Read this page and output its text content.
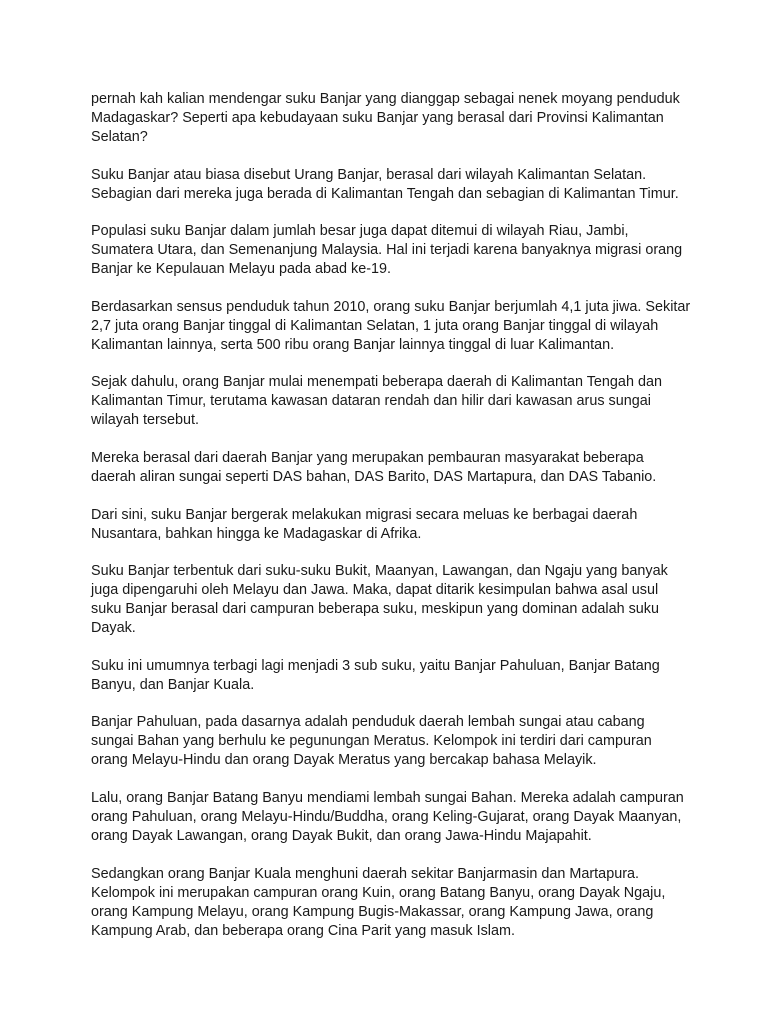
pernah kah kalian mendengar suku Banjar yang dianggap sebagai nenek moyang penduduk Madagaskar? Seperti apa kebudayaan suku Banjar yang berasal dari Provinsi Kalimantan Selatan?

Suku Banjar atau biasa disebut Urang Banjar, berasal dari wilayah Kalimantan Selatan. Sebagian dari mereka juga berada di Kalimantan Tengah dan sebagian di Kalimantan Timur.

Populasi suku Banjar dalam jumlah besar juga dapat ditemui di wilayah Riau, Jambi, Sumatera Utara, dan Semenanjung Malaysia. Hal ini terjadi karena banyaknya migrasi orang Banjar ke Kepulauan Melayu pada abad ke-19.

Berdasarkan sensus penduduk tahun 2010, orang suku Banjar berjumlah 4,1 juta jiwa. Sekitar 2,7 juta orang Banjar tinggal di Kalimantan Selatan, 1 juta orang Banjar tinggal di wilayah Kalimantan lainnya, serta 500 ribu orang Banjar lainnya tinggal di luar Kalimantan.

Sejak dahulu, orang Banjar mulai menempati beberapa daerah di Kalimantan Tengah dan Kalimantan Timur, terutama kawasan dataran rendah dan hilir dari kawasan arus sungai wilayah tersebut.

Mereka berasal dari daerah Banjar yang merupakan pembauran masyarakat beberapa daerah aliran sungai seperti DAS bahan, DAS Barito, DAS Martapura, dan DAS Tabanio.

Dari sini, suku Banjar bergerak melakukan migrasi secara meluas ke berbagai daerah Nusantara, bahkan hingga ke Madagaskar di Afrika.

Suku Banjar terbentuk dari suku-suku Bukit, Maanyan, Lawangan, dan Ngaju yang banyak juga dipengaruhi oleh Melayu dan Jawa. Maka, dapat ditarik kesimpulan bahwa asal usul suku Banjar berasal dari campuran beberapa suku, meskipun yang dominan adalah suku Dayak.

Suku ini umumnya terbagi lagi menjadi 3 sub suku, yaitu Banjar Pahuluan, Banjar Batang Banyu, dan Banjar Kuala.

Banjar Pahuluan, pada dasarnya adalah penduduk daerah lembah sungai atau cabang sungai Bahan yang berhulu ke pegunungan Meratus. Kelompok ini terdiri dari campuran orang Melayu-Hindu dan orang Dayak Meratus yang bercakap bahasa Melayik.

Lalu, orang Banjar Batang Banyu mendiami lembah sungai Bahan. Mereka adalah campuran orang Pahuluan, orang Melayu-Hindu/Buddha, orang Keling-Gujarat, orang Dayak Maanyan, orang Dayak Lawangan, orang Dayak Bukit, dan orang Jawa-Hindu Majapahit.

Sedangkan orang Banjar Kuala menghuni daerah sekitar Banjarmasin dan Martapura. Kelompok ini merupakan campuran orang Kuin, orang Batang Banyu, orang Dayak Ngaju, orang Kampung Melayu, orang Kampung Bugis-Makassar, orang Kampung Jawa, orang Kampung Arab, dan beberapa orang Cina Parit yang masuk Islam.
